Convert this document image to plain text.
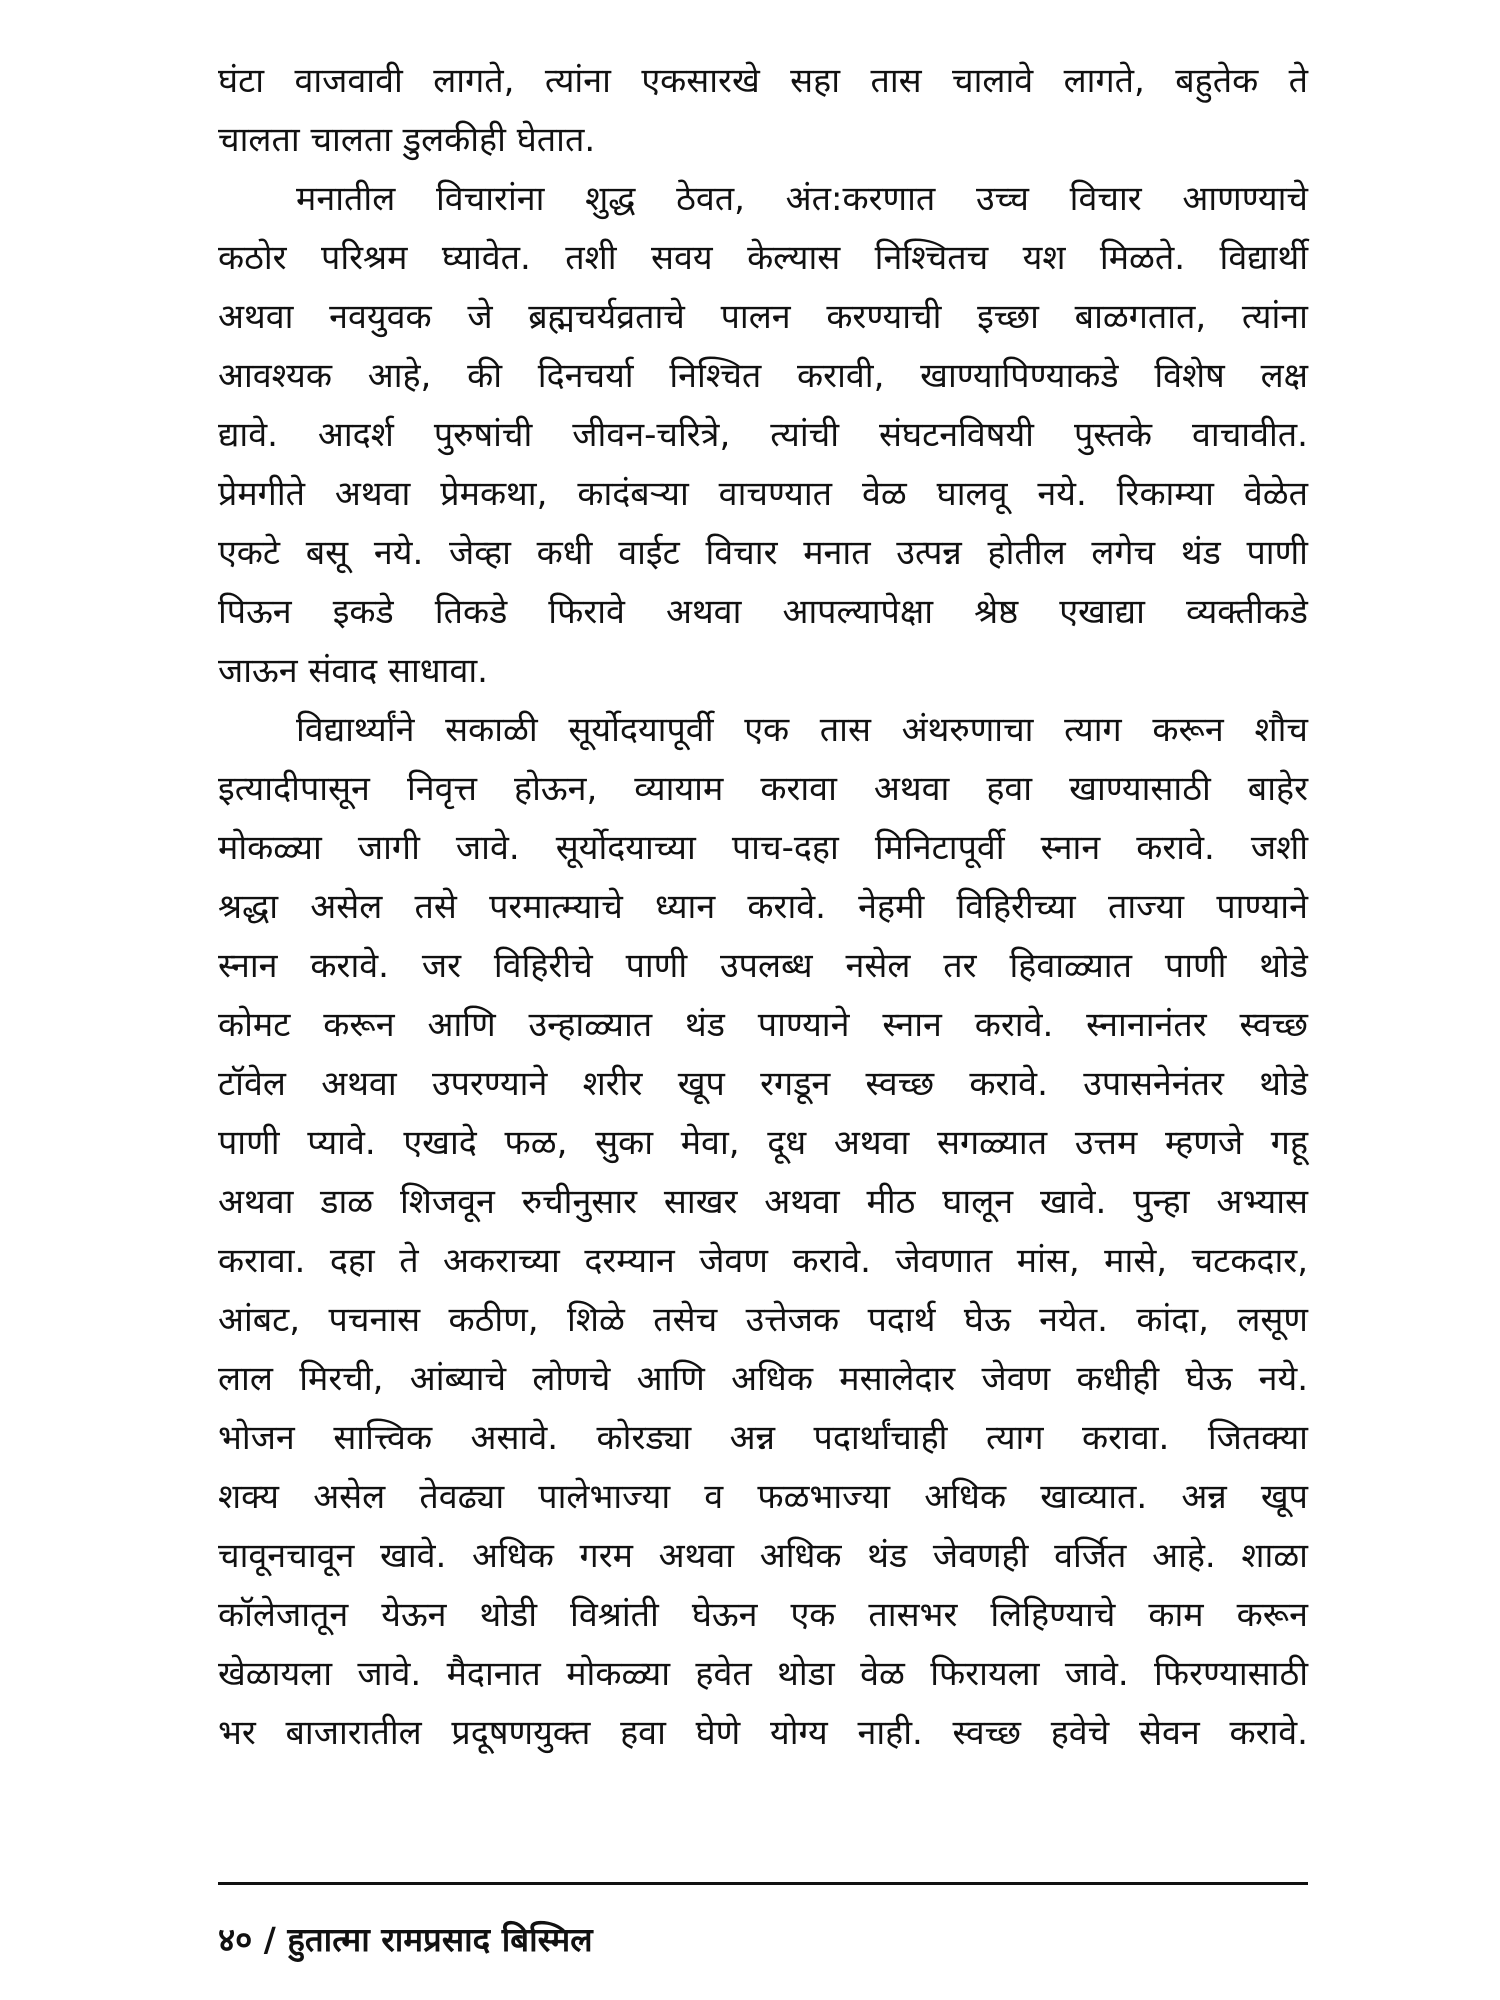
घंटा वाजवावी लागते, त्यांना एकसारखे सहा तास चालावे लागते, बहुतेक ते
चालता चालता डुलकीही घेतात.
मनातील विचारांना शुद्ध ठेवत, अंत:करणात उच्च विचार आणण्याचे
कठोर परिश्रम घ्यावेत. तशी सवय केल्यास निश्चितच यश मिळते. विद्यार्थी
अथवा नवयुवक जे ब्रह्मचर्यव्रताचे पालन करण्याची इच्छा बाळगतात, त्यांना
आवश्यक आहे, की दिनचर्या निश्चित करावी, खाण्यापिण्याकडे विशेष लक्ष
द्यावे. आदर्श पुरुषांची जीवन-चरित्रे, त्यांची संघटनविषयी पुस्तके वाचावीत.
प्रेमगीते अथवा प्रेमकथा, कादंबऱ्या वाचण्यात वेळ घालवू नये. रिकाम्या वेळेत
एकटे बसू नये. जेव्हा कधी वाईट विचार मनात उत्पन्न होतील लगेच थंड पाणी
पिऊन इकडे तिकडे फिरावे अथवा आपल्यापेक्षा श्रेष्ठ एखाद्या व्यक्तीकडे
जाऊन संवाद साधावा.
विद्यार्थ्यांने सकाळी सूर्योदयापूर्वी एक तास अंथरुणाचा त्याग करून शौच
इत्यादीपासून निवृत्त होऊन, व्यायाम करावा अथवा हवा खाण्यासाठी बाहेर
मोकळ्या जागी जावे. सूर्योदयाच्या पाच-दहा मिनिटापूर्वी स्नान करावे. जशी
श्रद्धा असेल तसे परमात्म्याचे ध्यान करावे. नेहमी विहिरीच्या ताज्या पाण्याने
स्नान करावे. जर विहिरीचे पाणी उपलब्ध नसेल तर हिवाळ्यात पाणी थोडे
कोमट करून आणि उन्हाळ्यात थंड पाण्याने स्नान करावे. स्नानानंतर स्वच्छ
टॉवेल अथवा उपरण्याने शरीर खूप रगडून स्वच्छ करावे. उपासनेनंतर थोडे
पाणी प्यावे. एखादे फळ, सुका मेवा, दूध अथवा सगळ्यात उत्तम म्हणजे गहू
अथवा डाळ शिजवून रुचीनुसार साखर अथवा मीठ घालून खावे. पुन्हा अभ्यास
करावा. दहा ते अकराच्या दरम्यान जेवण करावे. जेवणात मांस, मासे, चटकदार,
आंबट, पचनास कठीण, शिळे तसेच उत्तेजक पदार्थ घेऊ नयेत. कांदा, लसूण
लाल मिरची, आंब्याचे लोणचे आणि अधिक मसालेदार जेवण कधीही घेऊ नये.
भोजन सात्त्विक असावे. कोरड्या अन्न पदार्थांचाही त्याग करावा. जितक्या
शक्य असेल तेवढ्या पालेभाज्या व फळभाज्या अधिक खाव्यात. अन्न खूप
चावूनचावून खावे. अधिक गरम अथवा अधिक थंड जेवणही वर्जित आहे. शाळा
कॉलेजातून येऊन थोडी विश्रांती घेऊन एक तासभर लिहिण्याचे काम करून
खेळायला जावे. मैदानात मोकळ्या हवेत थोडा वेळ फिरायला जावे. फिरण्यासाठी
भर बाजारातील प्रदूषणयुक्त हवा घेणे योग्य नाही. स्वच्छ हवेचे सेवन करावे.
४० / हुतात्मा रामप्रसाद बिस्मिल
